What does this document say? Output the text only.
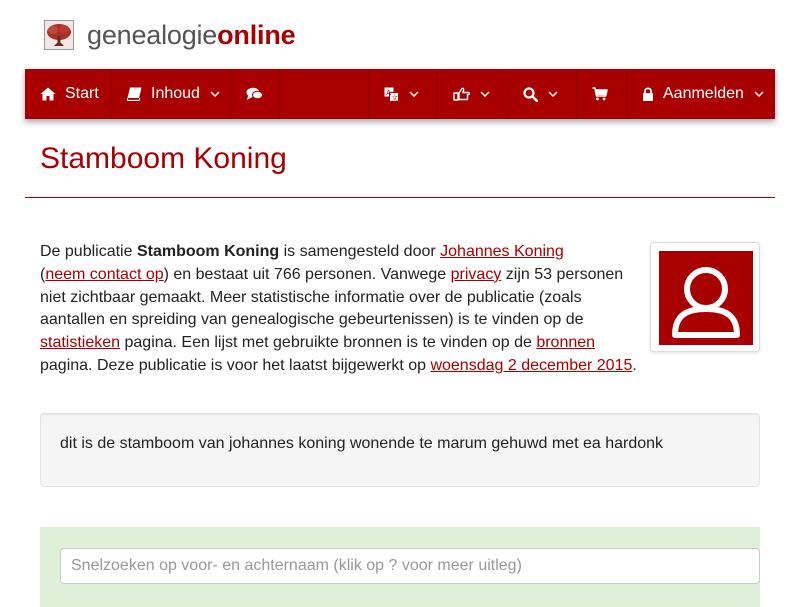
genealogieonline
Start	Inhoud	A
文	Aanmelden
Stamboom Koning

De publicatie Stamboom Koning is samengesteld door Johannes Koning
(neem contact op) en bestaat uit 766 personen. Vanwege privacy zijn 53 personen niet zichtbaar gemaakt. Meer statistische informatie over de publicatie (zoals aantallen en spreiding van genealogische gebeurtenissen) is te vinden op de statistieken pagina. Een lijst met gebruikte bronnen is te vinden op de bronnen pagina. Deze publicatie is voor het laatst bijgewerkt op woensdag 2 december 2015.

dit is de stamboom van johannes koning wonende te marum gehuwd met ea hardonk

Snelzoeken op voor- en achternaam (klik op ? voor meer uitleg)
